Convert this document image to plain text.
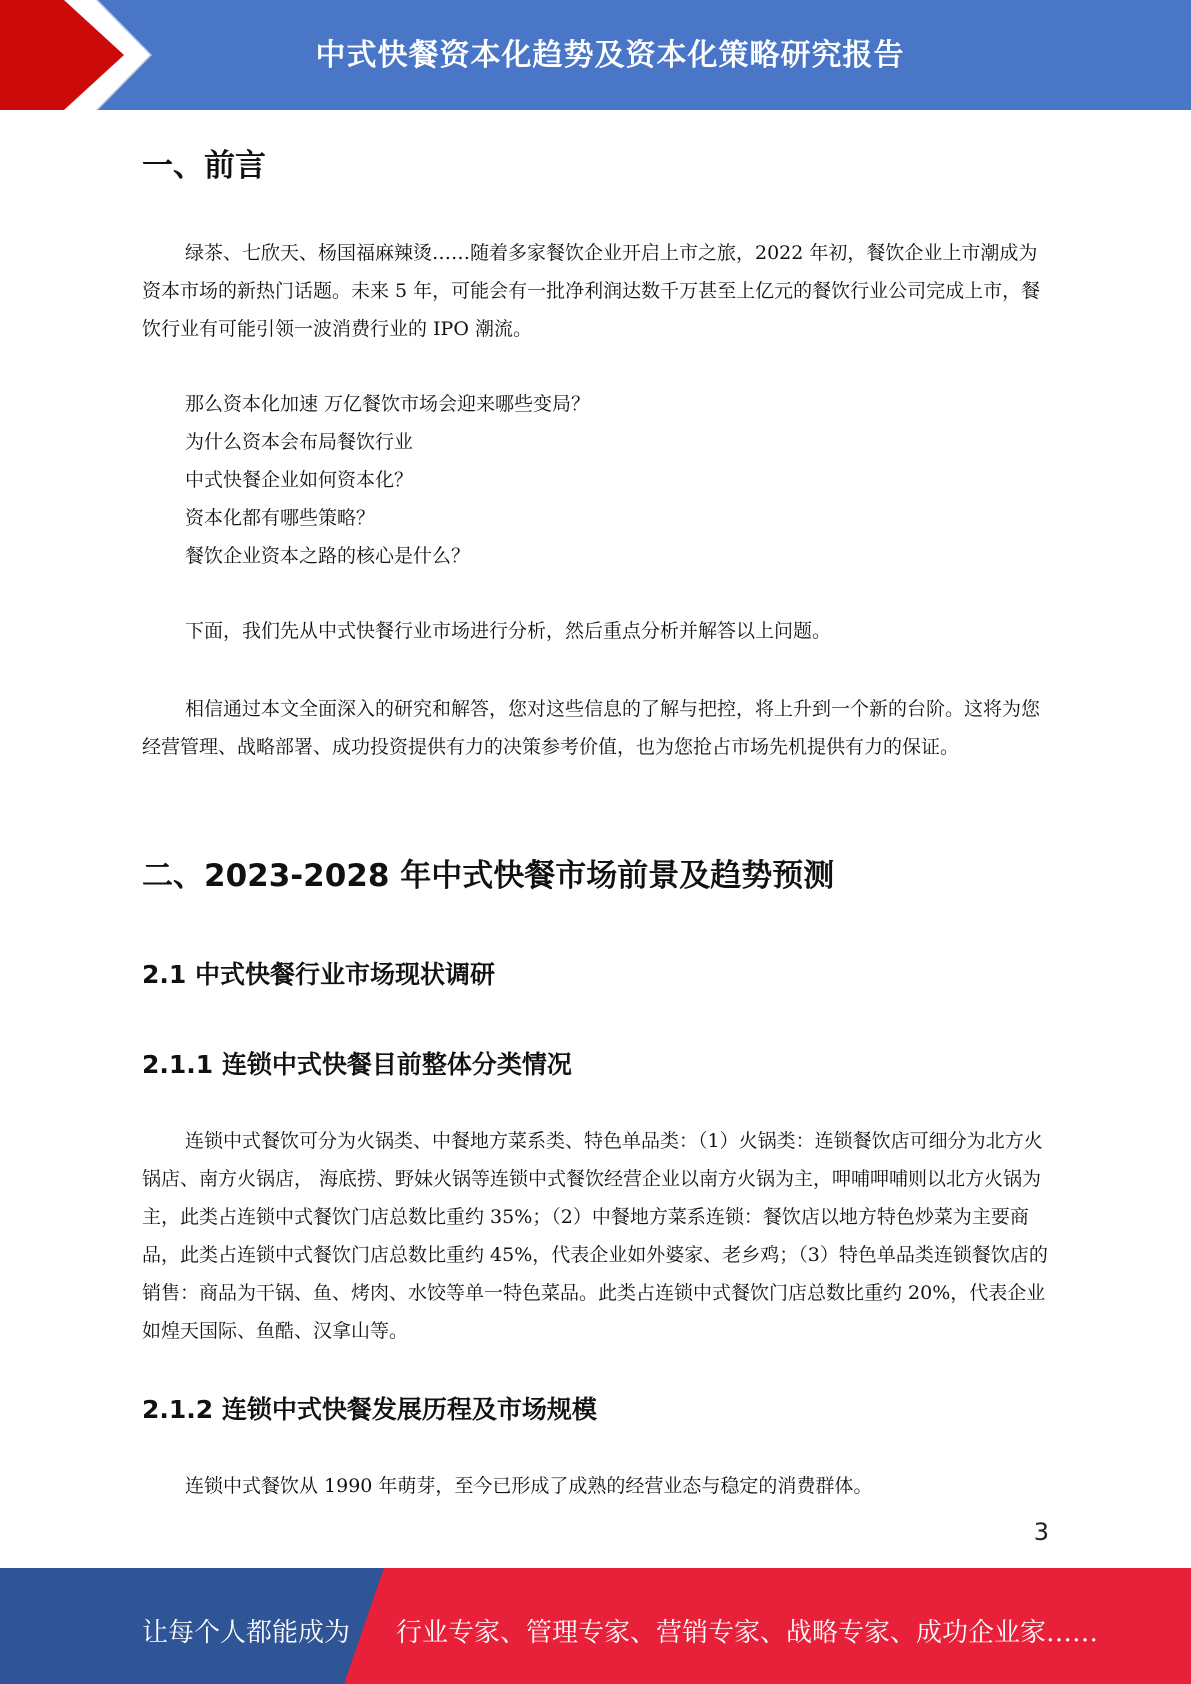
中式快餐资本化趋势及资本化策略研究报告
一、前言

绿茶、七欣天、杨国福麻辣烫……随着多家餐饮企业开启上市之旅，2022 年初，餐饮企业上市潮成为资本市场的新热门话题。未来 5 年，可能会有一批净利润达数千万甚至上亿元的餐饮行业公司完成上市，餐饮行业有可能引领一波消费行业的 IPO 潮流。

那么资本化加速 万亿餐饮市场会迎来哪些变局？
为什么资本会布局餐饮行业
中式快餐企业如何资本化？
资本化都有哪些策略？
餐饮企业资本之路的核心是什么？

下面，我们先从中式快餐行业市场进行分析，然后重点分析并解答以上问题。

相信通过本文全面深入的研究和解答，您对这些信息的了解与把控，将上升到一个新的台阶。这将为您经营管理、战略部署、成功投资提供有力的决策参考价值，也为您抢占市场先机提供有力的保证。

二、2023-2028 年中式快餐市场前景及趋势预测
2.1 中式快餐行业市场现状调研
2.1.1 连锁中式快餐目前整体分类情况

连锁中式餐饮可分为火锅类、中餐地方菜系类、特色单品类：（1）火锅类：连锁餐饮店可细分为北方火锅店、南方火锅店， 海底捞、野妹火锅等连锁中式餐饮经营企业以南方火锅为主，呷哺呷哺则以北方火锅为主，此类占连锁中式餐饮门店总数比重约 35%；（2）中餐地方菜系连锁：餐饮店以地方特色炒菜为主要商品，此类占连锁中式餐饮门店总数比重约 45%，代表企业如外婆家、老乡鸡；（3）特色单品类连锁餐饮店的销售：商品为干锅、鱼、烤肉、水饺等单一特色菜品。此类占连锁中式餐饮门店总数比重约 20%，代表企业如煌天国际、鱼酷、汉拿山等。

2.1.2 连锁中式快餐发展历程及市场规模

连锁中式餐饮从 1990 年萌芽，至今已形成了成熟的经营业态与稳定的消费群体。

3
让每个人都能成为 行业专家、管理专家、营销专家、战略专家、成功企业家……
